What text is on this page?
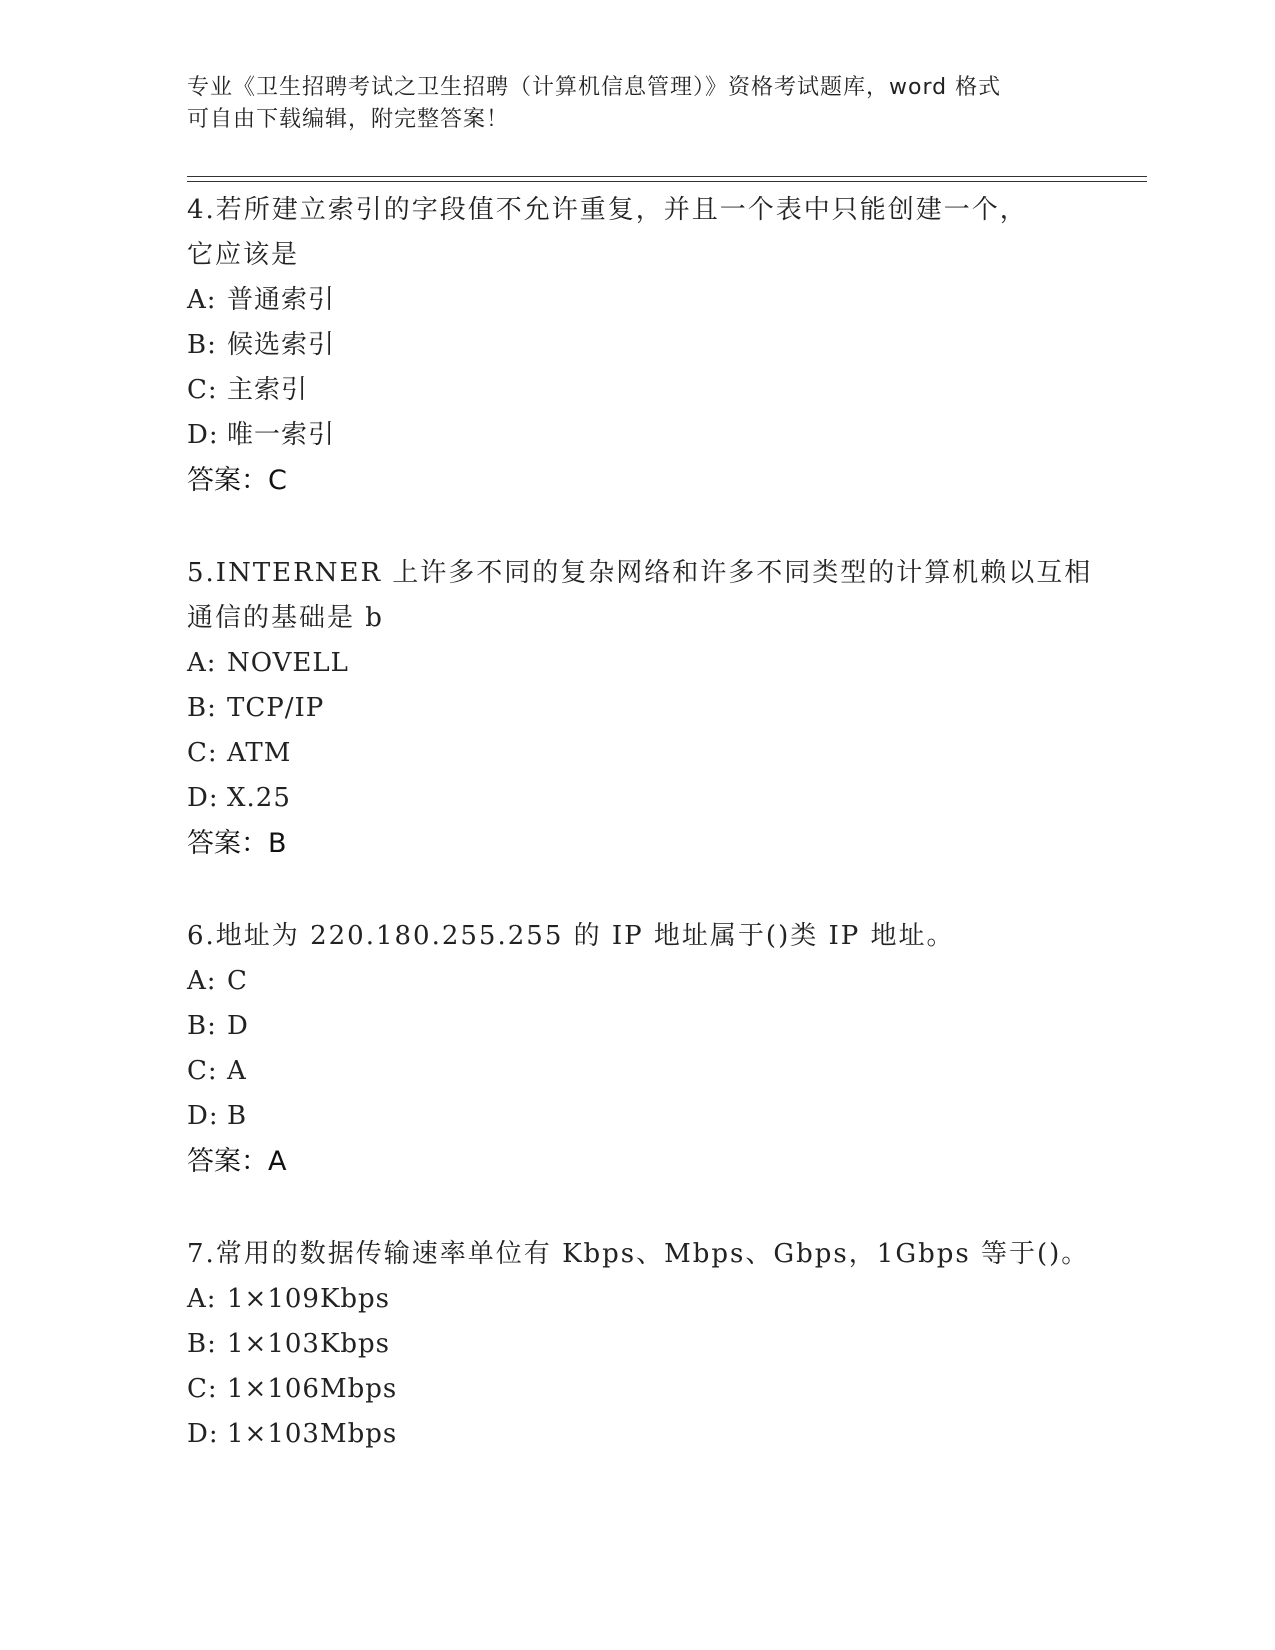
专业《卫生招聘考试之卫生招聘（计算机信息管理）》资格考试题库，word 格式
可自由下载编辑，附完整答案！
4.若所建立索引的字段值不允许重复，并且一个表中只能创建一个，
它应该是
A: 普通索引
B: 候选索引
C: 主索引
D: 唯一索引
答案：C
5.INTERNER 上许多不同的复杂网络和许多不同类型的计算机赖以互相
通信的基础是 b
A: NOVELL
B: TCP/IP
C: ATM
D: X.25
答案：B
6.地址为 220.180.255.255 的 IP 地址属于()类 IP 地址。
A: C
B: D
C: A
D: B
答案：A
7.常用的数据传输速率单位有 Kbps、Mbps、Gbps，1Gbps 等于()。
A: 1×109Kbps
B: 1×103Kbps
C: 1×106Mbps
D: 1×103Mbps
